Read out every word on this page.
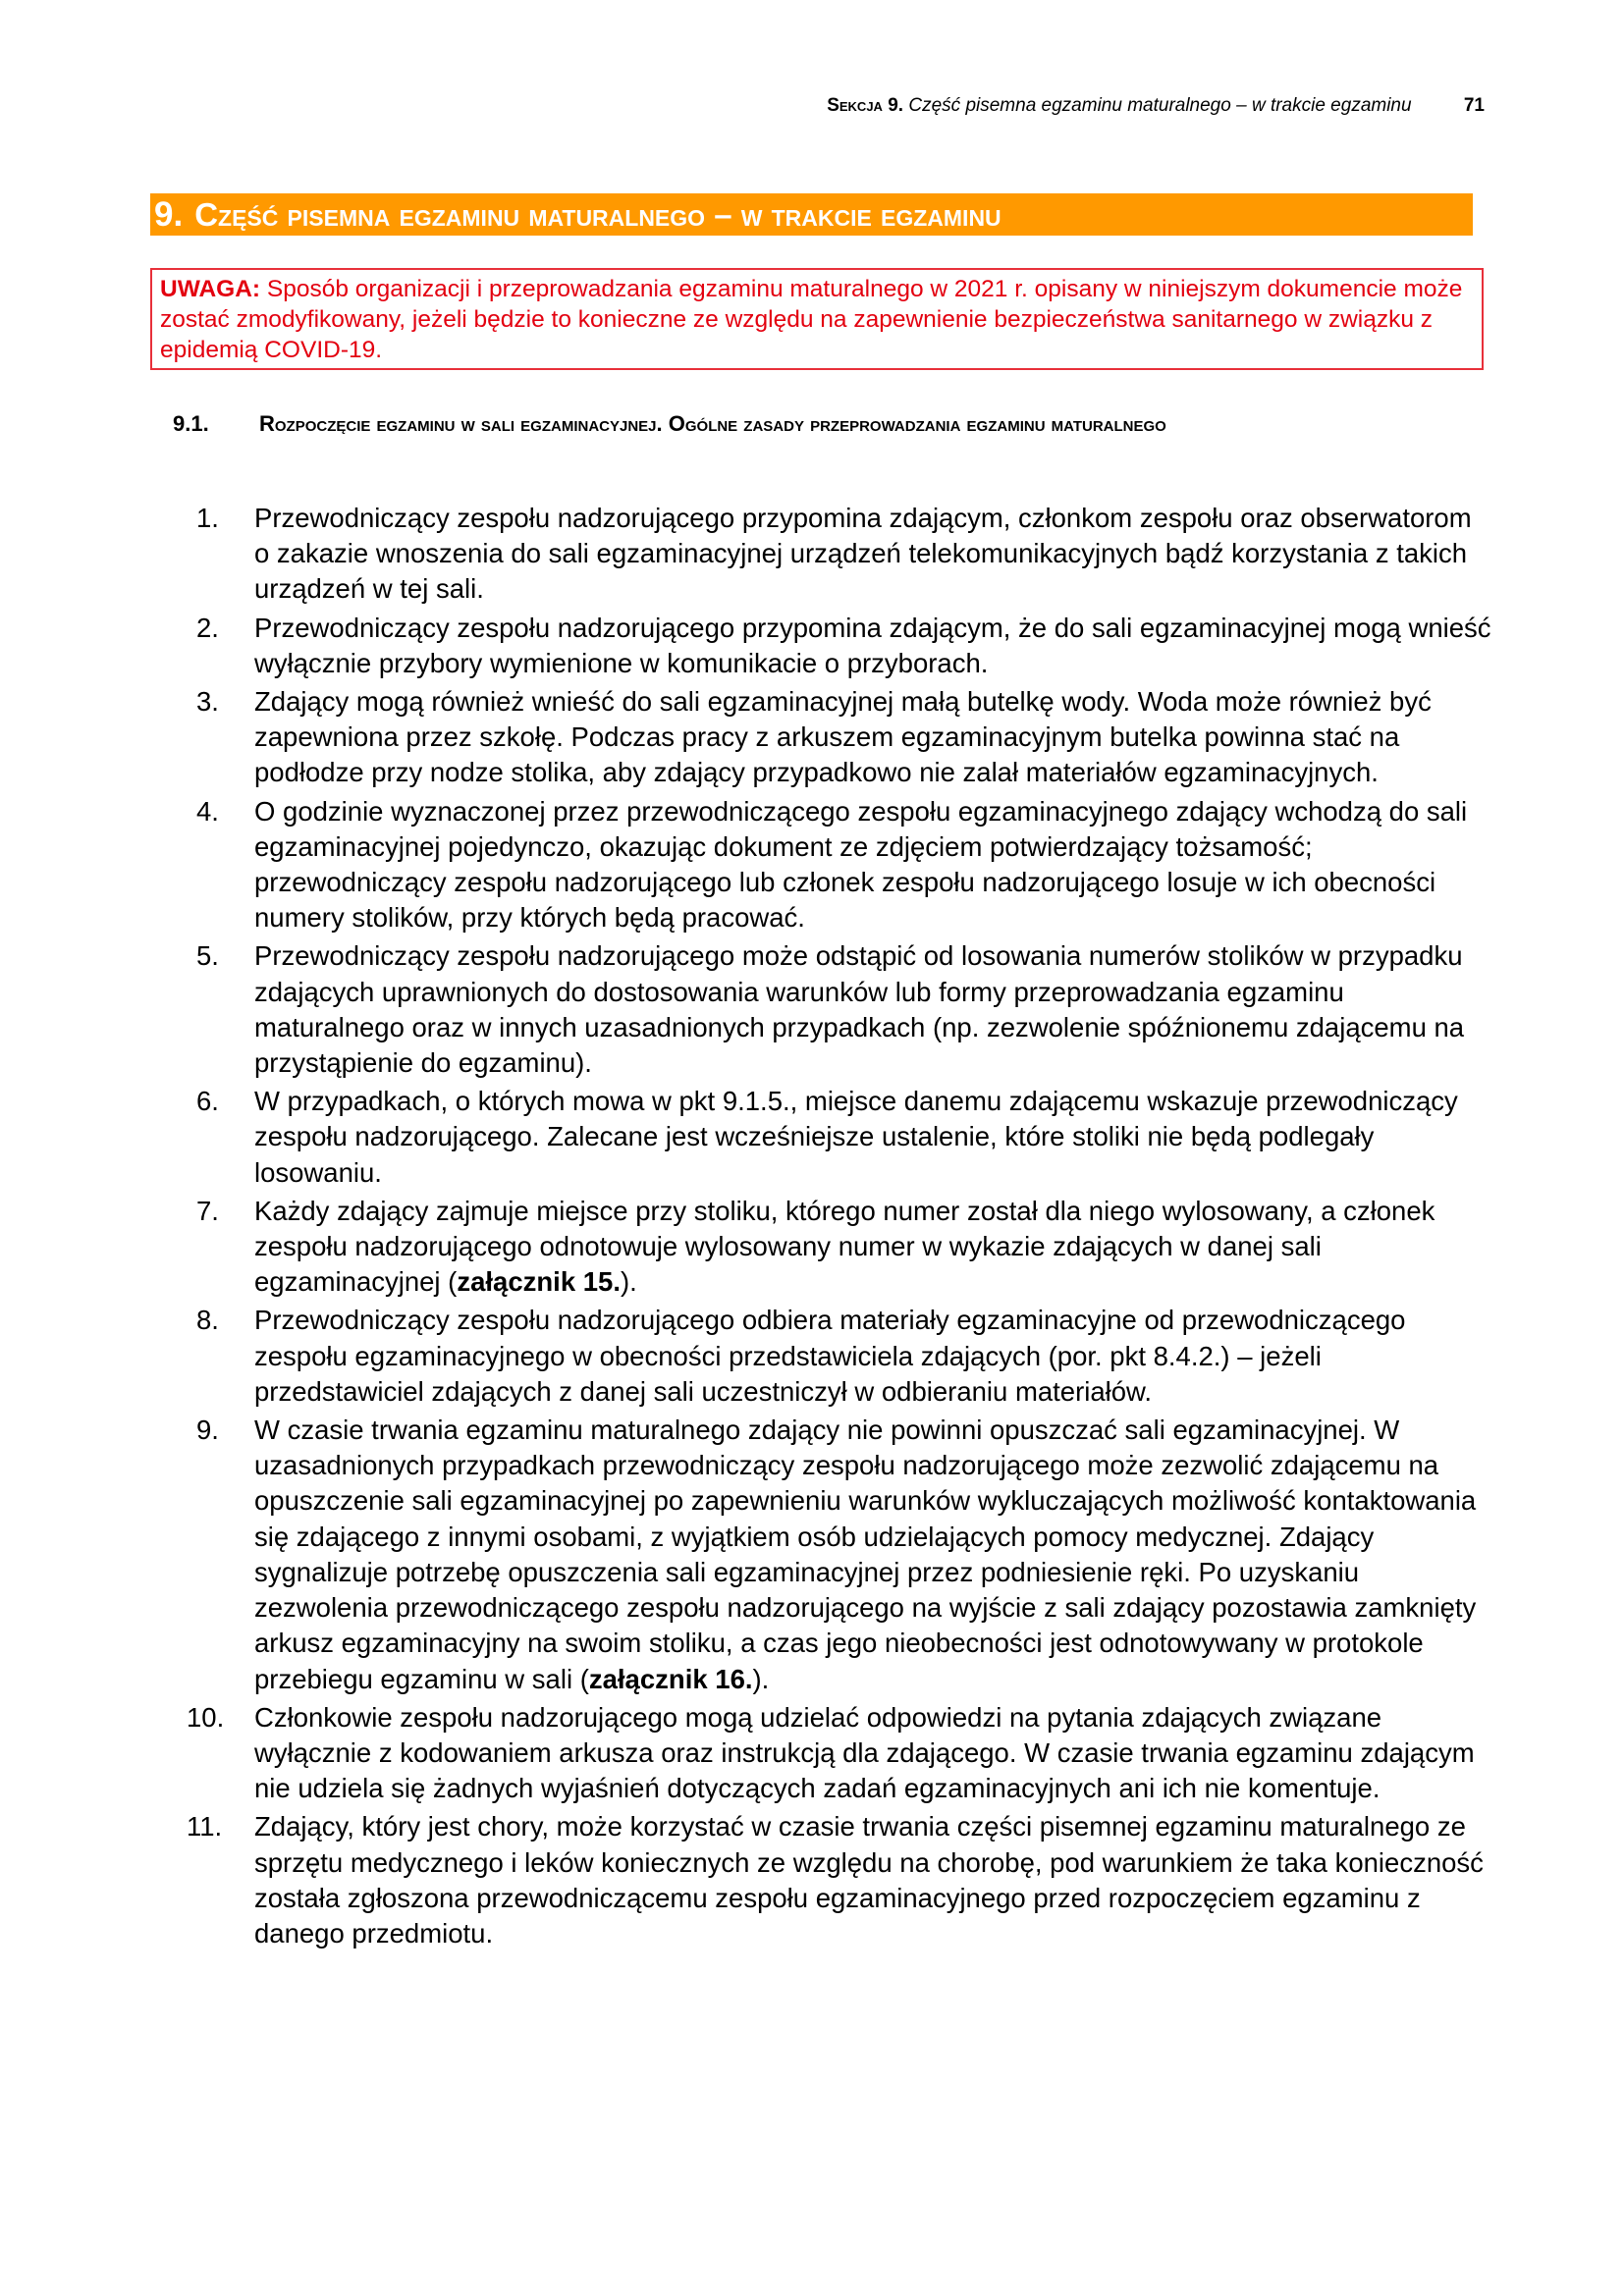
Sekcja 9. Część pisemna egzaminu maturalnego – w trakcie egzaminu	71
9. Część pisemna egzaminu maturalnego – w trakcie egzaminu
UWAGA: Sposób organizacji i przeprowadzania egzaminu maturalnego w 2021 r. opisany w niniejszym dokumencie może zostać zmodyfikowany, jeżeli będzie to konieczne ze względu na zapewnienie bezpieczeństwa sanitarnego w związku z epidemią COVID-19.
9.1. Rozpoczęcie egzaminu w sali egzaminacyjnej. Ogólne zasady przeprowadzania egzaminu maturalnego
1.	Przewodniczący zespołu nadzorującego przypomina zdającym, członkom zespołu oraz obserwatorom o zakazie wnoszenia do sali egzaminacyjnej urządzeń telekomunikacyjnych bądź korzystania z takich urządzeń w tej sali.
2.	Przewodniczący zespołu nadzorującego przypomina zdającym, że do sali egzaminacyjnej mogą wnieść wyłącznie przybory wymienione w komunikacie o przyborach.
3.	Zdający mogą również wnieść do sali egzaminacyjnej małą butelkę wody. Woda może również być zapewniona przez szkołę. Podczas pracy z arkuszem egzaminacyjnym butelka powinna stać na podłodze przy nodze stolika, aby zdający przypadkowo nie zalał materiałów egzaminacyjnych.
4.	O godzinie wyznaczonej przez przewodniczącego zespołu egzaminacyjnego zdający wchodzą do sali egzaminacyjnej pojedynczo, okazując dokument ze zdjęciem potwierdzający tożsamość; przewodniczący zespołu nadzorującego lub członek zespołu nadzorującego losuje w ich obecności numery stolików, przy których będą pracować.
5.	Przewodniczący zespołu nadzorującego może odstąpić od losowania numerów stolików w przypadku zdających uprawnionych do dostosowania warunków lub formy przeprowadzania egzaminu maturalnego oraz w innych uzasadnionych przypadkach (np. zezwolenie spóźnionemu zdającemu na przystąpienie do egzaminu).
6.	W przypadkach, o których mowa w pkt 9.1.5., miejsce danemu zdającemu wskazuje przewodniczący zespołu nadzorującego. Zalecane jest wcześniejsze ustalenie, które stoliki nie będą podlegały losowaniu.
7.	Każdy zdający zajmuje miejsce przy stoliku, którego numer został dla niego wylosowany, a członek zespołu nadzorującego odnotowuje wylosowany numer w wykazie zdających w danej sali egzaminacyjnej (załącznik 15.).
8.	Przewodniczący zespołu nadzorującego odbiera materiały egzaminacyjne od przewodniczącego zespołu egzaminacyjnego w obecności przedstawiciela zdających (por. pkt 8.4.2.) – jeżeli przedstawiciel zdających z danej sali uczestniczył w odbieraniu materiałów.
9.	W czasie trwania egzaminu maturalnego zdający nie powinni opuszczać sali egzaminacyjnej. W uzasadnionych przypadkach przewodniczący zespołu nadzorującego może zezwolić zdającemu na opuszczenie sali egzaminacyjnej po zapewnieniu warunków wykluczających możliwość kontaktowania się zdającego z innymi osobami, z wyjątkiem osób udzielających pomocy medycznej. Zdający sygnalizuje potrzebę opuszczenia sali egzaminacyjnej przez podniesienie ręki. Po uzyskaniu zezwolenia przewodniczącego zespołu nadzorującego na wyjście z sali zdający pozostawia zamknięty arkusz egzaminacyjny na swoim stoliku, a czas jego nieobecności jest odnotowywany w protokole przebiegu egzaminu w sali (załącznik 16.).
10.	Członkowie zespołu nadzorującego mogą udzielać odpowiedzi na pytania zdających związane wyłącznie z kodowaniem arkusza oraz instrukcją dla zdającego. W czasie trwania egzaminu zdającym nie udziela się żadnych wyjaśnień dotyczących zadań egzaminacyjnych ani ich nie komentuje.
11.	Zdający, który jest chory, może korzystać w czasie trwania części pisemnej egzaminu maturalnego ze sprzętu medycznego i leków koniecznych ze względu na chorobę, pod warunkiem że taka konieczność została zgłoszona przewodniczącemu zespołu egzaminacyjnego przed rozpoczęciem egzaminu z danego przedmiotu.
